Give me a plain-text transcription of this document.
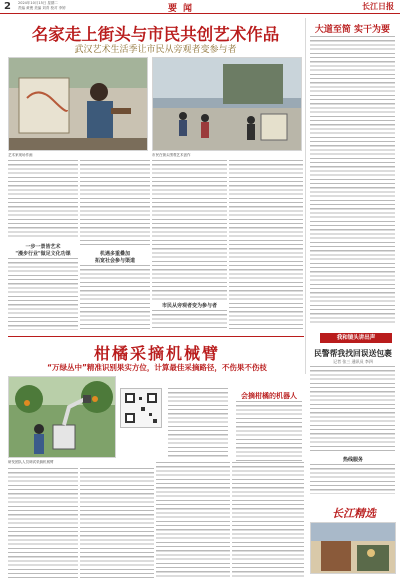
2 2024年10月15日 星期二
责编 黄俊 美编 刘青 校对 李婷	要闻	长江日报
名家走上街头与市民共创艺术作品
武汉艺术生活季让市民从旁观者变参与者
艺术家现场作画	市民在街头围观艺术创作
一步一景皆艺术
"漫步行业"做足文化功课	机遇多重叠加
拓宽社会参与渠道
市民从旁观者变为参与者
大道至简 实干为要
柑橘采摘机械臂
“万绿丛中”精准识别果实方位，计算最佳采摘路径，不伤果不伤枝
研发团队人员调试采摘机械臂
会摘柑橘的机器人
我和镜头讲出声
民警帮我找回误送包裹
记者 张三 通讯员 李四
热线服务
长江精选
